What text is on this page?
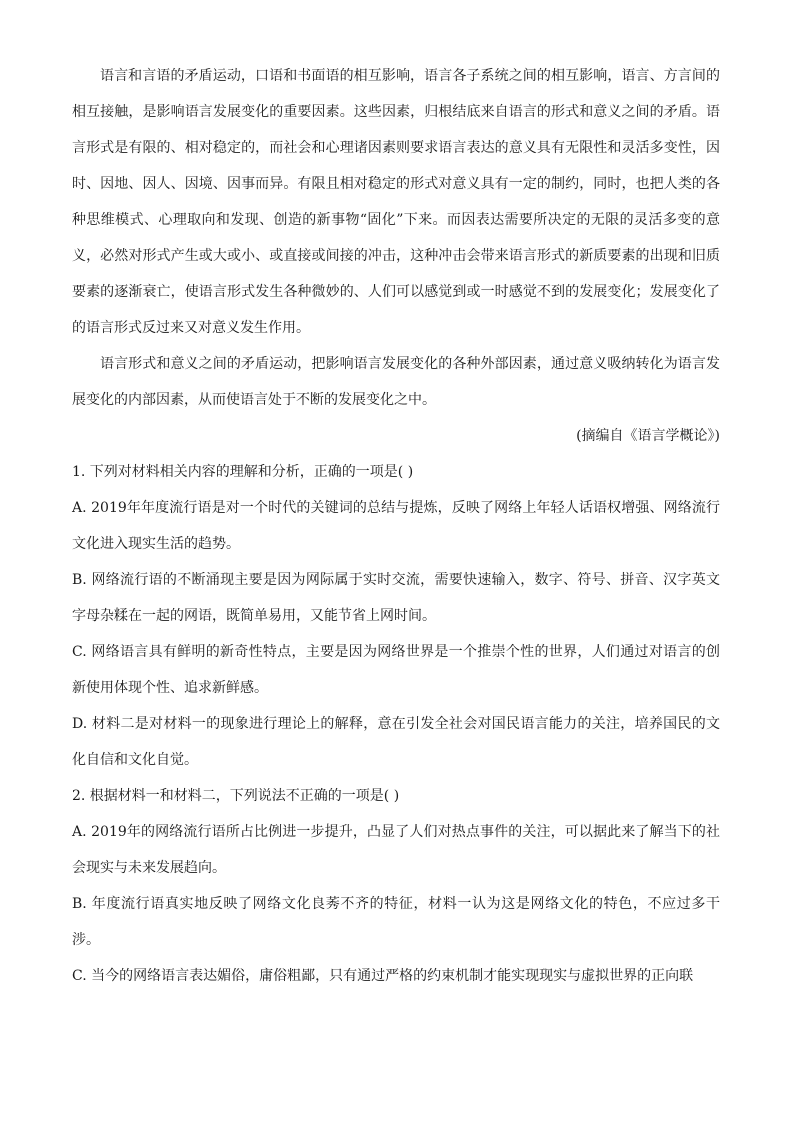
语言和言语的矛盾运动，口语和书面语的相互影响，语言各子系统之间的相互影响，语言、方言间的相互接触，是影响语言发展变化的重要因素。这些因素，归根结底来自语言的形式和意义之间的矛盾。语言形式是有限的、相对稳定的，而社会和心理诸因素则要求语言表达的意义具有无限性和灵活多变性，因时、因地、因人、因境、因事而异。有限且相对稳定的形式对意义具有一定的制约，同时，也把人类的各种思维模式、心理取向和发现、创造的新事物“固化”下来。而因表达需要所决定的无限的灵活多变的意义，必然对形式产生或大或小、或直接或间接的冲击，这种冲击会带来语言形式的新质要素的出现和旧质要素的逐渐衰亡，使语言形式发生各种微妙的、人们可以感觉到或一时感觉不到的发展变化；发展变化了的语言形式反过来又对意义发生作用。

语言形式和意义之间的矛盾运动，把影响语言发展变化的各种外部因素，通过意义吸纳转化为语言发展变化的内部因素，从而使语言处于不断的发展变化之中。

(摘编自《语言学概论》)

1. 下列对材料相关内容的理解和分析，正确的一项是( )

A. 2019年年度流行语是对一个时代的关键词的总结与提炼，反映了网络上年轻人话语权增强、网络流行文化进入现实生活的趋势。

B. 网络流行语的不断涌现主要是因为网际属于实时交流，需要快速输入，数字、符号、拼音、汉字英文字母杂糅在一起的网语，既简单易用，又能节省上网时间。

C. 网络语言具有鲜明的新奇性特点，主要是因为网络世界是一个推崇个性的世界，人们通过对语言的创新使用体现个性、追求新鲜感。

D. 材料二是对材料一的现象进行理论上的解释，意在引发全社会对国民语言能力的关注，培养国民的文化自信和文化自觉。

2. 根据材料一和材料二，下列说法不正确的一项是( )

A. 2019年的网络流行语所占比例进一步提升，凸显了人们对热点事件的关注，可以据此来了解当下的社会现实与未来发展趋向。

B. 年度流行语真实地反映了网络文化良莠不齐的特征，材料一认为这是网络文化的特色，不应过多干涉。

C. 当今的网络语言表达媚俗，庸俗粗鄙，只有通过严格的约束机制才能实现现实与虚拟世界的正向联
